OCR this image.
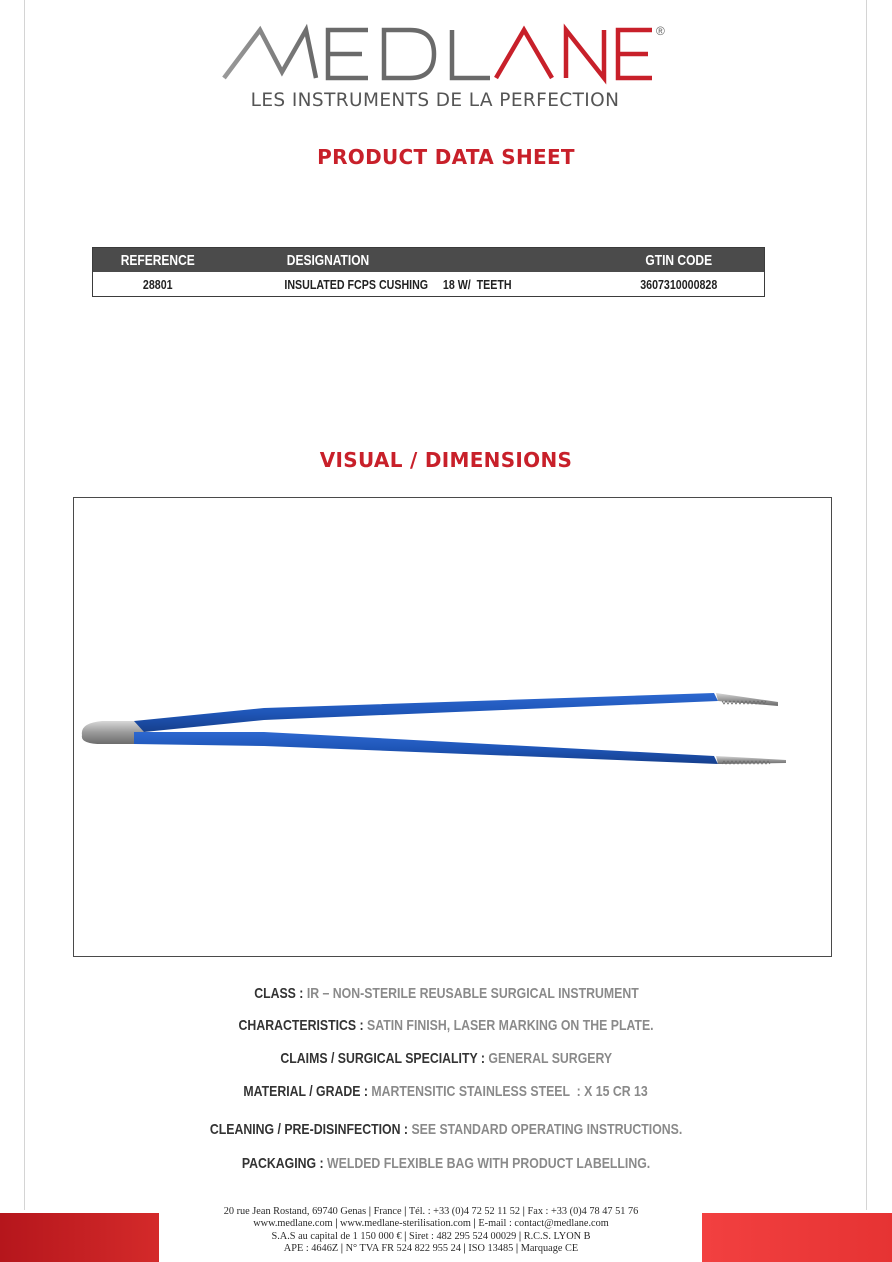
®
LES INSTRUMENTS DE LA PERFECTION
PRODUCT DATA SHEET
REFERENCE	DESIGNATION	GTIN CODE

28801	INSULATED FCPS CUSHING     18 W/  TEETH	3607310000828
VISUAL / DIMENSIONS
CLASS : IR – NON-STERILE REUSABLE SURGICAL INSTRUMENT
CHARACTERISTICS : SATIN FINISH, LASER MARKING ON THE PLATE.
CLAIMS / SURGICAL SPECIALITY : GENERAL SURGERY
MATERIAL / GRADE : MARTENSITIC STAINLESS STEEL  : X 15 CR 13
CLEANING / PRE-DISINFECTION : SEE STANDARD OPERATING INSTRUCTIONS.
PACKAGING : WELDED FLEXIBLE BAG WITH PRODUCT LABELLING.
20 rue Jean Rostand, 69740 Genas | France | Tél. : +33 (0)4 72 52 11 52 | Fax : +33 (0)4 78 47 51 76
www.medlane.com | www.medlane-sterilisation.com | E-mail : contact@medlane.com
S.A.S au capital de 1 150 000 € | Siret : 482 295 524 00029 | R.C.S. LYON B
APE : 4646Z | N° TVA FR 524 822 955 24 | ISO 13485 | Marquage CE
